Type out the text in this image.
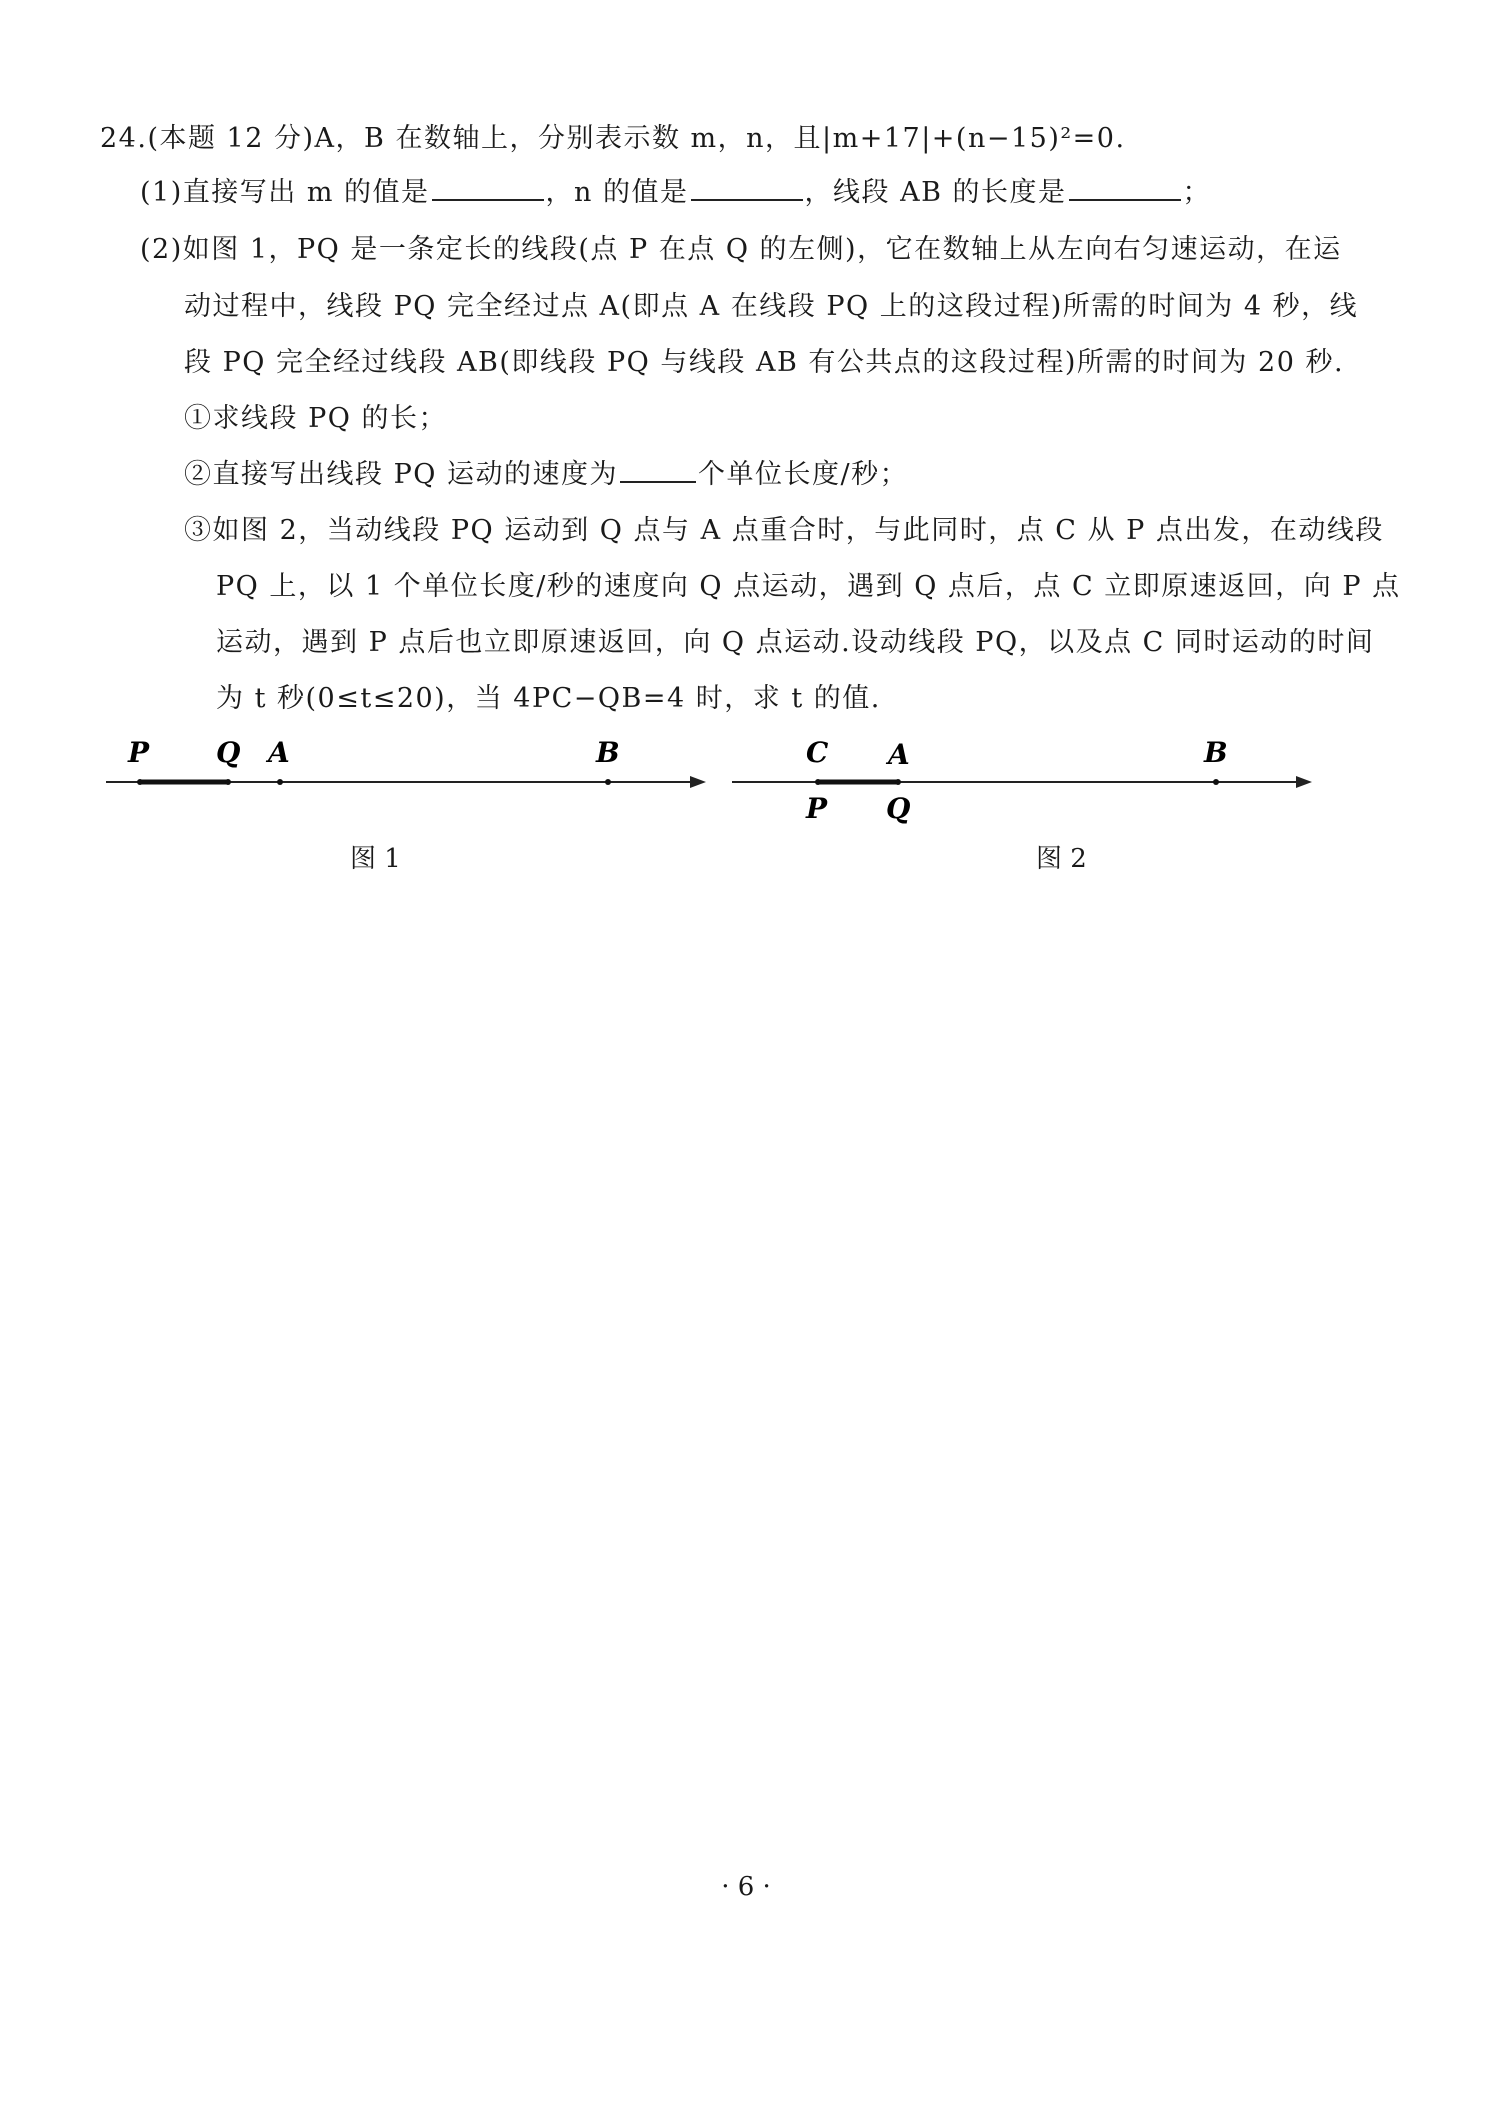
24.(本题 12 分)A，B 在数轴上，分别表示数 m，n，且|m+17|+(n−15)²=0.
(1)直接写出 m 的值是	，n 的值是	，线段 AB 的长度是	；
(2)如图 1，PQ 是一条定长的线段(点 P 在点 Q 的左侧)，它在数轴上从左向右匀速运动，在运
动过程中，线段 PQ 完全经过点 A(即点 A 在线段 PQ 上的这段过程)所需的时间为 4 秒，线
段 PQ 完全经过线段 AB(即线段 PQ 与线段 AB 有公共点的这段过程)所需的时间为 20 秒.
①求线段 PQ 的长；
②直接写出线段 PQ 运动的速度为	个单位长度/秒；
③如图 2，当动线段 PQ 运动到 Q 点与 A 点重合时，与此同时，点 C 从 P 点出发，在动线段
PQ 上，以 1 个单位长度/秒的速度向 Q 点运动，遇到 Q 点后，点 C 立即原速返回，向 P 点
运动，遇到 P 点后也立即原速返回，向 Q 点运动.设动线段 PQ，以及点 C 同时运动的时间
为 t 秒(0≤t≤20)，当 4PC−QB=4 时，求 t 的值.
P Q A	B
图 1
C A	B
P Q
图 2
· 6 ·
